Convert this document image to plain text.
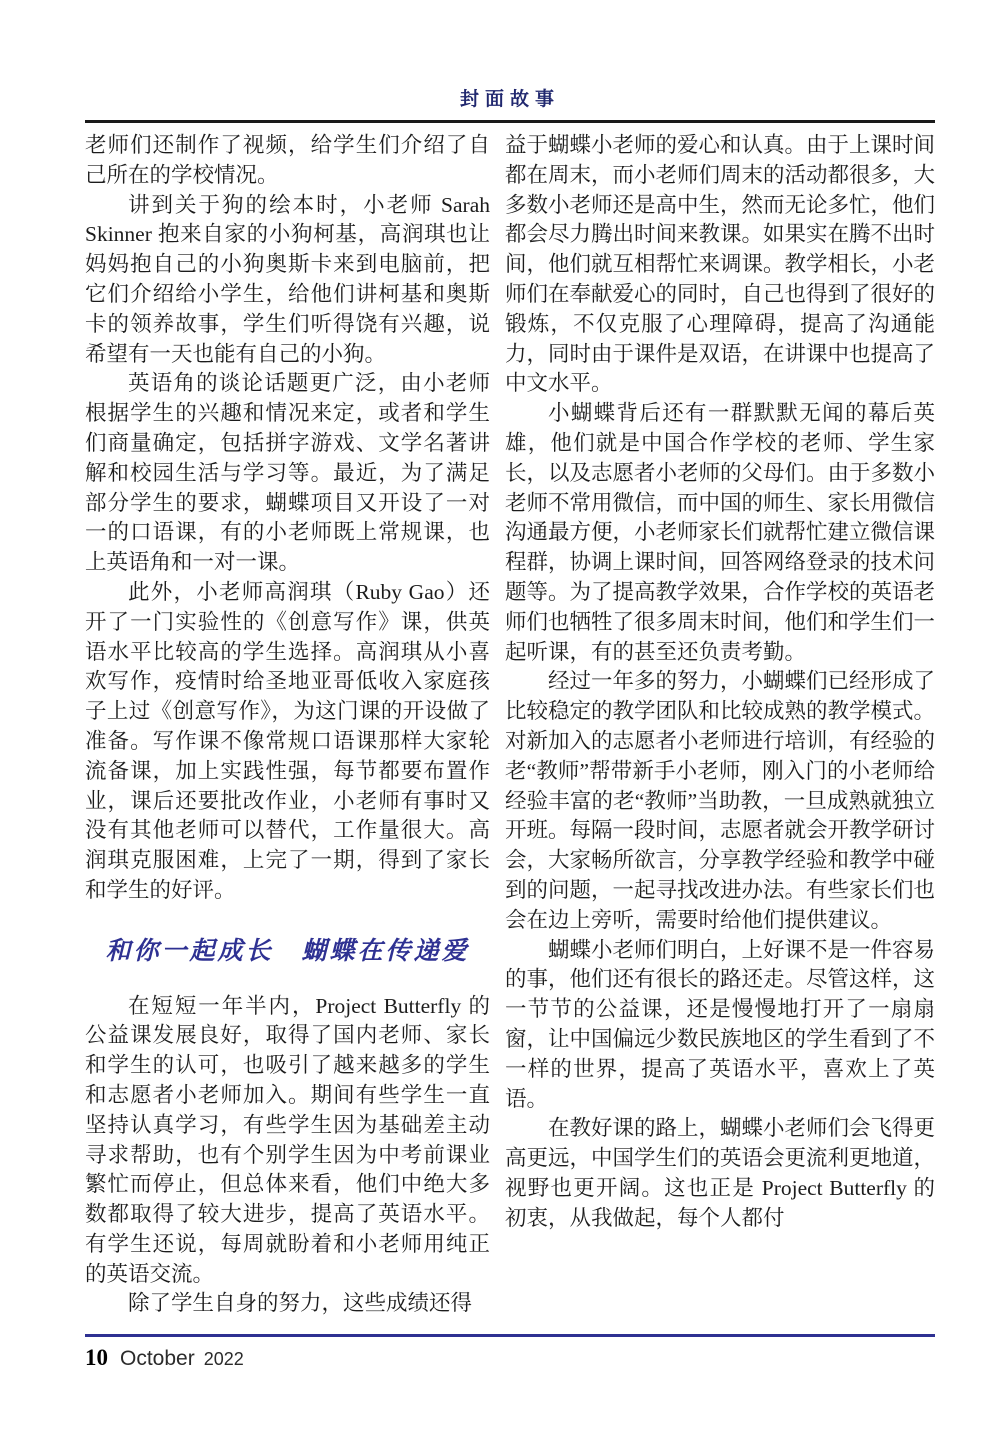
封面故事

老师们还制作了视频，给学生们介绍了自己所在的学校情况。

讲到关于狗的绘本时，小老师 Sarah Skinner 抱来自家的小狗柯基，高润琪也让妈妈抱自己的小狗奥斯卡来到电脑前，把它们介绍给小学生，给他们讲柯基和奥斯卡的领养故事，学生们听得饶有兴趣，说希望有一天也能有自己的小狗。

英语角的谈论话题更广泛，由小老师根据学生的兴趣和情况来定，或者和学生们商量确定，包括拼字游戏、文学名著讲解和校园生活与学习等。最近，为了满足部分学生的要求，蝴蝶项目又开设了一对一的口语课，有的小老师既上常规课，也上英语角和一对一课。

此外，小老师高润琪（Ruby Gao）还开了一门实验性的《创意写作》课，供英语水平比较高的学生选择。高润琪从小喜欢写作，疫情时给圣地亚哥低收入家庭孩子上过《创意写作》，为这门课的开设做了准备。写作课不像常规口语课那样大家轮流备课，加上实践性强，每节都要布置作业，课后还要批改作业，小老师有事时又没有其他老师可以替代，工作量很大。高润琪克服困难，上完了一期，得到了家长和学生的好评。

和你一起成长　蝴蝶在传递爱

在短短一年半内，Project Butterfly 的公益课发展良好，取得了国内老师、家长和学生的认可，也吸引了越来越多的学生和志愿者小老师加入。期间有些学生一直坚持认真学习，有些学生因为基础差主动寻求帮助，也有个别学生因为中考前课业繁忙而停止，但总体来看，他们中绝大多数都取得了较大进步，提高了英语水平。有学生还说，每周就盼着和小老师用纯正的英语交流。

除了学生自身的努力，这些成绩还得

益于蝴蝶小老师的爱心和认真。由于上课时间都在周末，而小老师们周末的活动都很多，大多数小老师还是高中生，然而无论多忙，他们都会尽力腾出时间来教课。如果实在腾不出时间，他们就互相帮忙来调课。教学相长，小老师们在奉献爱心的同时，自己也得到了很好的锻炼，不仅克服了心理障碍，提高了沟通能力，同时由于课件是双语，在讲课中也提高了中文水平。

小蝴蝶背后还有一群默默无闻的幕后英雄，他们就是中国合作学校的老师、学生家长，以及志愿者小老师的父母们。由于多数小老师不常用微信，而中国的师生、家长用微信沟通最方便，小老师家长们就帮忙建立微信课程群，协调上课时间，回答网络登录的技术问题等。为了提高教学效果，合作学校的英语老师们也牺牲了很多周末时间，他们和学生们一起听课，有的甚至还负责考勤。

经过一年多的努力，小蝴蝶们已经形成了比较稳定的教学团队和比较成熟的教学模式。对新加入的志愿者小老师进行培训，有经验的老“教师”帮带新手小老师，刚入门的小老师给经验丰富的老“教师”当助教，一旦成熟就独立开班。每隔一段时间，志愿者就会开教学研讨会，大家畅所欲言，分享教学经验和教学中碰到的问题，一起寻找改进办法。有些家长们也会在边上旁听，需要时给他们提供建议。

蝴蝶小老师们明白，上好课不是一件容易的事，他们还有很长的路还走。尽管这样，这一节节的公益课，还是慢慢地打开了一扇扇窗，让中国偏远少数民族地区的学生看到了不一样的世界，提高了英语水平，喜欢上了英语。

在教好课的路上，蝴蝶小老师们会飞得更高更远，中国学生们的英语会更流利更地道，视野也更开阔。这也正是 Project Butterfly 的初衷，从我做起，每个人都付

10 October 2022
